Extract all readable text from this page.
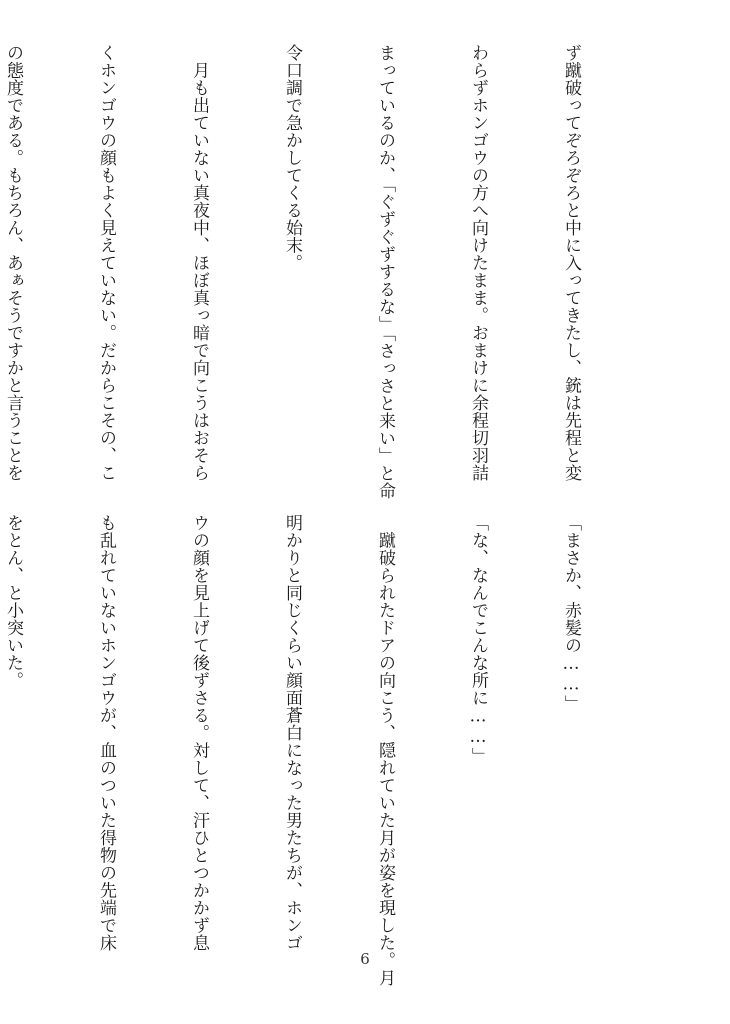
ず蹴破ってぞろぞろと中に入ってきたし、銃は先程と変

わらずホンゴウの方へ向けたまま。おまけに余程切羽詰

まっているのか、「ぐずぐずするな」「さっさと来い」と命

令口調で急かしてくる始末。

　月も出ていない真夜中、ほぼ真っ暗で向こうはおそら

くホンゴウの顔もよく見えていない。だからこその、こ

の態度である。もちろん、あぁそうですかと言うことを

「まさか、赤髪の……」

「な、なんでこんな所に……」

　蹴破られたドアの向こう、隠れていた月が姿を現した。月

明かりと同じくらい顔面蒼白になった男たちが、ホンゴ

ウの顔を見上げて後ずさる。対して、汗ひとつかかず息

も乱れていないホンゴウが、血のついた得物の先端で床

をとん、と小突いた。

6
